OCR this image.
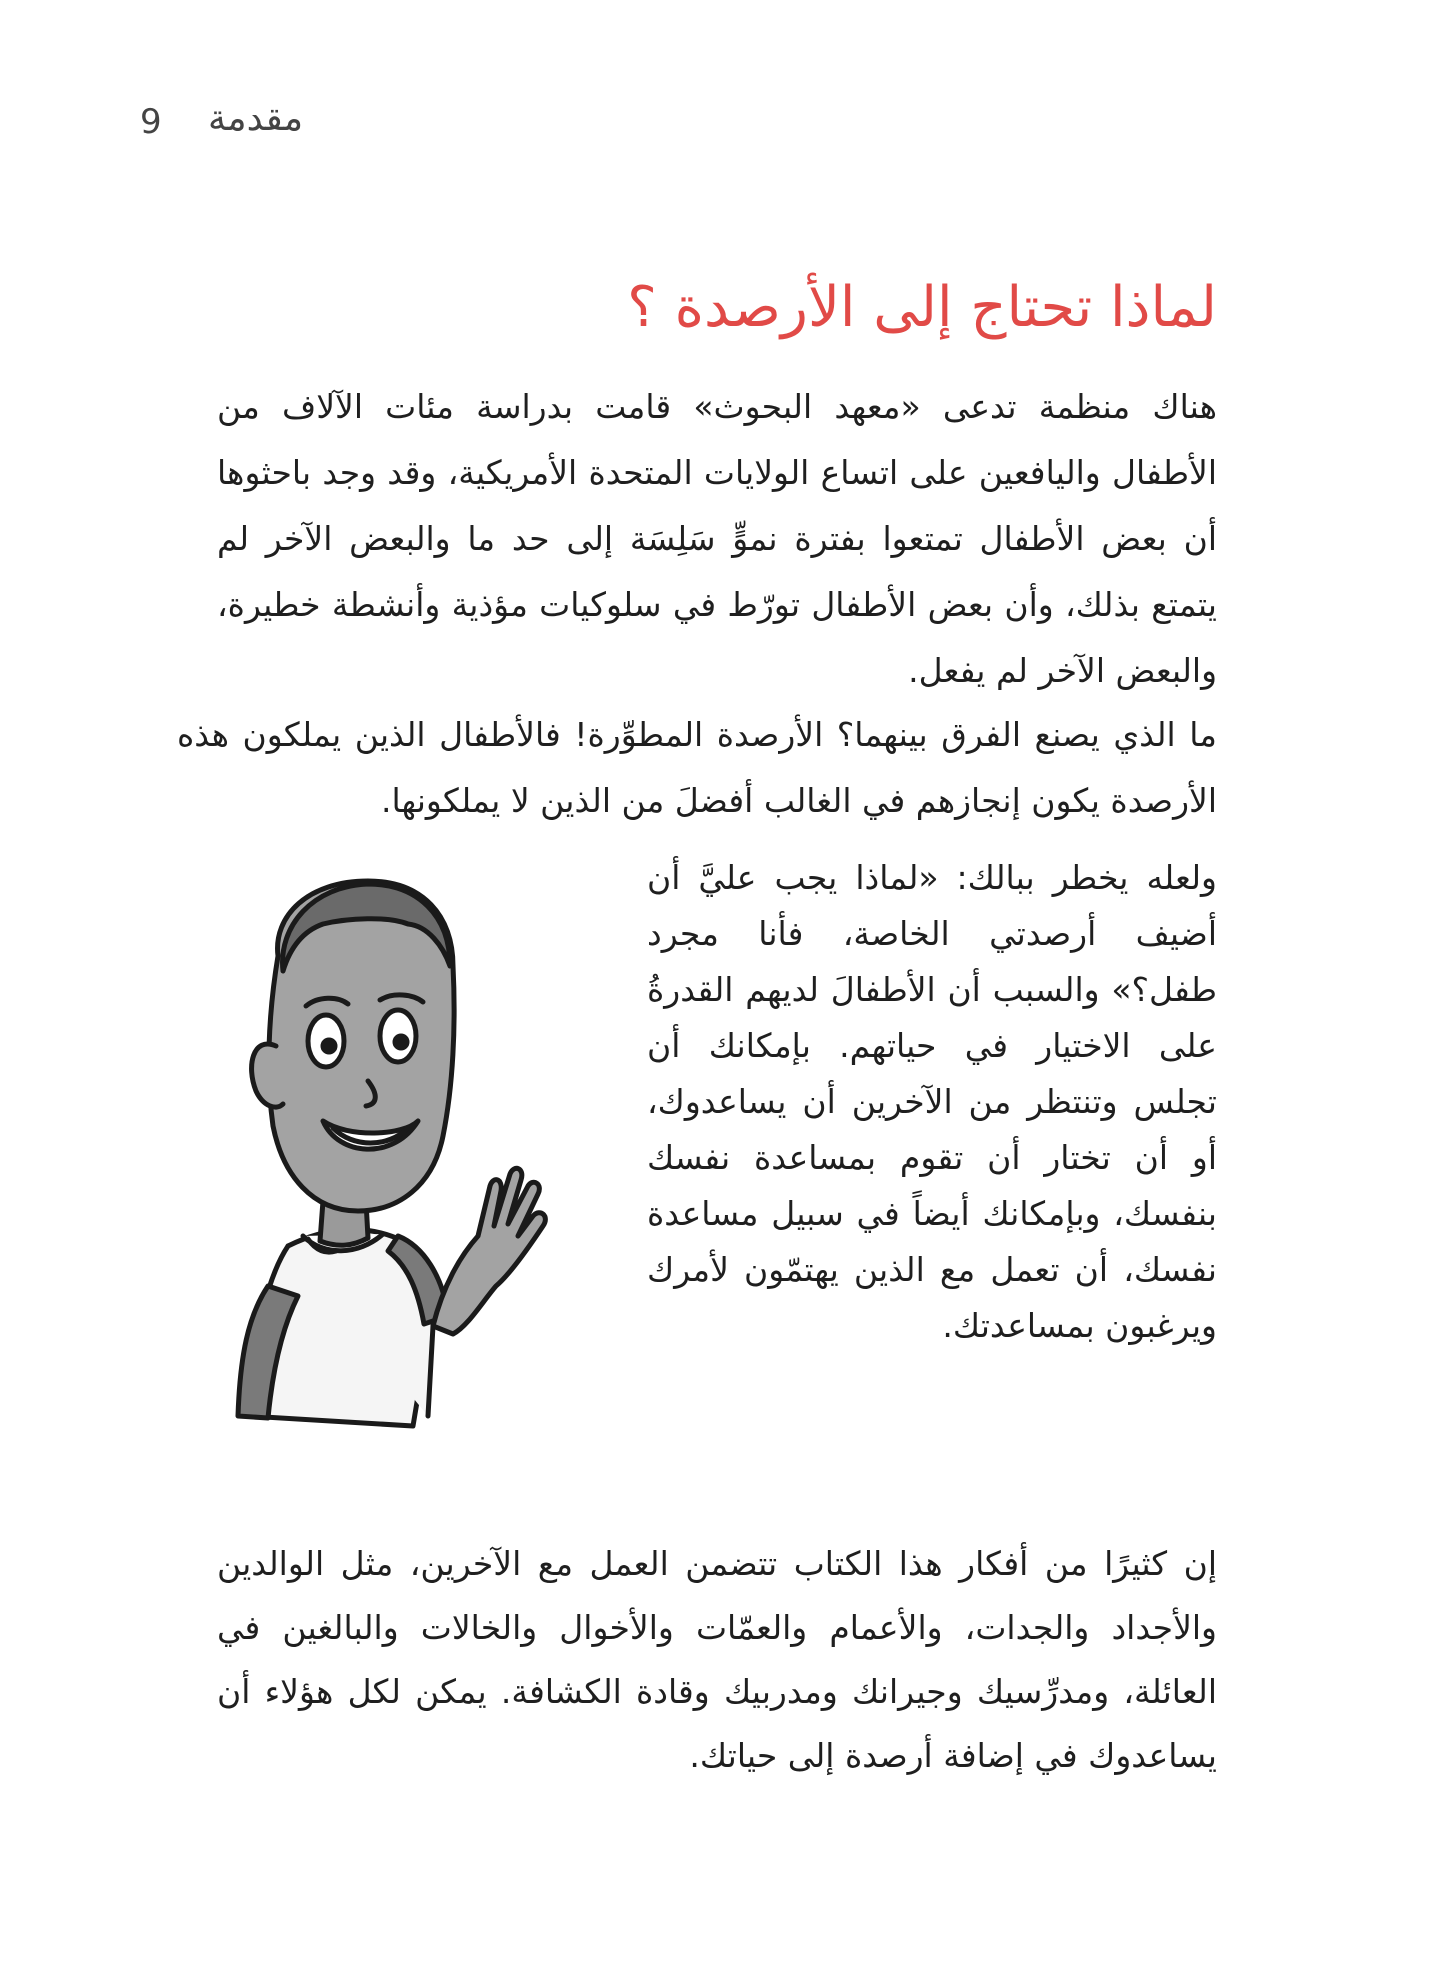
9 مقدمة
لماذا تحتاج إلى الأرصدة ؟
هناك منظمة تدعى «معهد البحوث» قامت بدراسة مئات الآلاف من الأطفال واليافعين على اتساع الولايات المتحدة الأمريكية، وقد وجد باحثوها أن بعض الأطفال تمتعوا بفترة نموٍّ سَلِسَة إلى حد ما والبعض الآخر لم يتمتع بذلك، وأن بعض الأطفال تورّط في سلوكيات مؤذية وأنشطة خطيرة، والبعض الآخر لم يفعل.
ما الذي يصنع الفرق بينهما؟ الأرصدة المطوِّرة! فالأطفال الذين يملكون هذه الأرصدة يكون إنجازهم في الغالب أفضلَ من الذين لا يملكونها.
ولعله يخطر ببالك: «لماذا يجب عليَّ أن أضيف أرصدتي الخاصة، فأنا مجرد طفل؟» والسبب أن الأطفالَ لديهم القدرةُ على الاختيار في حياتهم. بإمكانك أن تجلس وتنتظر من الآخرين أن يساعدوك، أو أن تختار أن تقوم بمساعدة نفسك بنفسك، وبإمكانك أيضاً في سبيل مساعدة نفسك، أن تعمل مع الذين يهتمّون لأمرك ويرغبون بمساعدتك.
إن كثيرًا من أفكار هذا الكتاب تتضمن العمل مع الآخرين، مثل الوالدين والأجداد والجدات، والأعمام والعمّات والأخوال والخالات والبالغين في العائلة، ومدرِّسيك وجيرانك ومدربيك وقادة الكشافة. يمكن لكل هؤلاء أن يساعدوك في إضافة أرصدة إلى حياتك.
